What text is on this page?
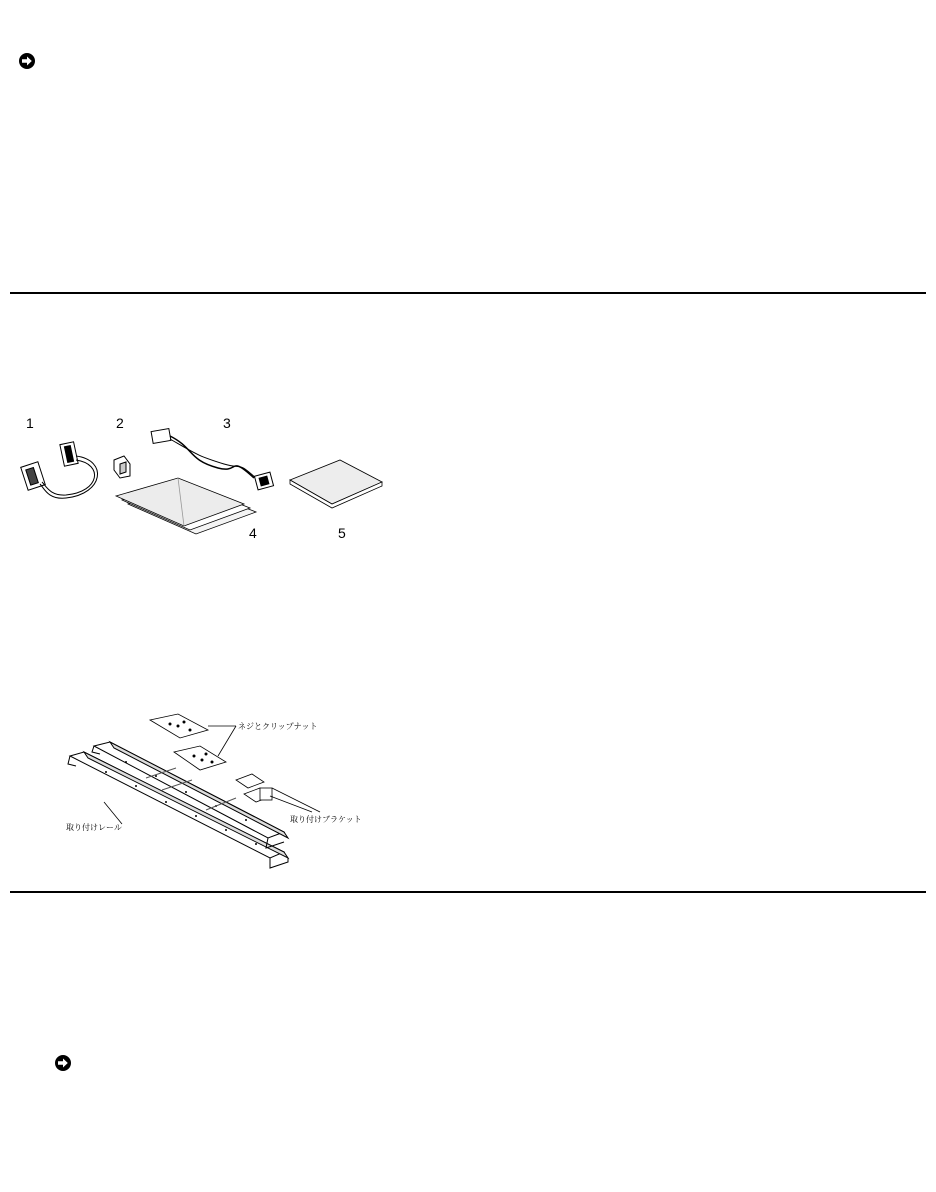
1	2	3
4	5
ネジとクリップナット
取り付けブラケット
取り付けレール
